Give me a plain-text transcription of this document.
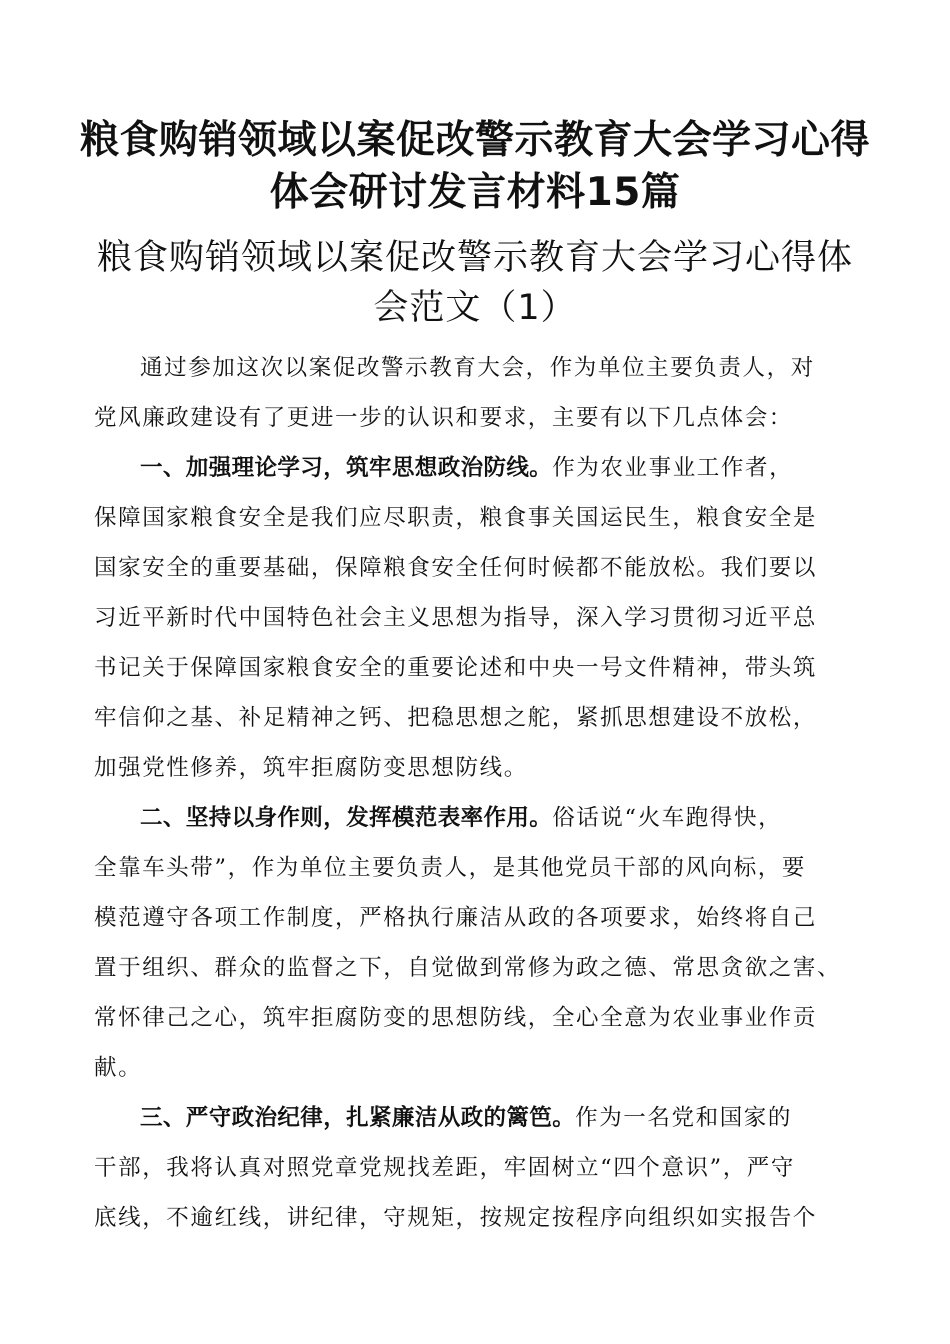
粮食购销领域以案促改警示教育大会学习心得
体会研讨发言材料15篇
粮食购销领域以案促改警示教育大会学习心得体
会范文（1）

通过参加这次以案促改警示教育大会，作为单位主要负责人，对

党风廉政建设有了更进一步的认识和要求，主要有以下几点体会：

一、加强理论学习，筑牢思想政治防线。作为农业事业工作者，

保障国家粮食安全是我们应尽职责，粮食事关国运民生，粮食安全是

国家安全的重要基础，保障粮食安全任何时候都不能放松。我们要以

习近平新时代中国特色社会主义思想为指导，深入学习贯彻习近平总

书记关于保障国家粮食安全的重要论述和中央一号文件精神，带头筑

牢信仰之基、补足精神之钙、把稳思想之舵，紧抓思想建设不放松，

加强党性修养，筑牢拒腐防变思想防线。

二、坚持以身作则，发挥模范表率作用。俗话说“火车跑得快，

全靠车头带”，作为单位主要负责人，是其他党员干部的风向标，要

模范遵守各项工作制度，严格执行廉洁从政的各项要求，始终将自己

置于组织、群众的监督之下，自觉做到常修为政之德、常思贪欲之害、

常怀律己之心，筑牢拒腐防变的思想防线，全心全意为农业事业作贡

献。

三、严守政治纪律，扎紧廉洁从政的篱笆。作为一名党和国家的

干部，我将认真对照党章党规找差距，牢固树立“四个意识”，严守

底线，不逾红线，讲纪律，守规矩，按规定按程序向组织如实报告个
